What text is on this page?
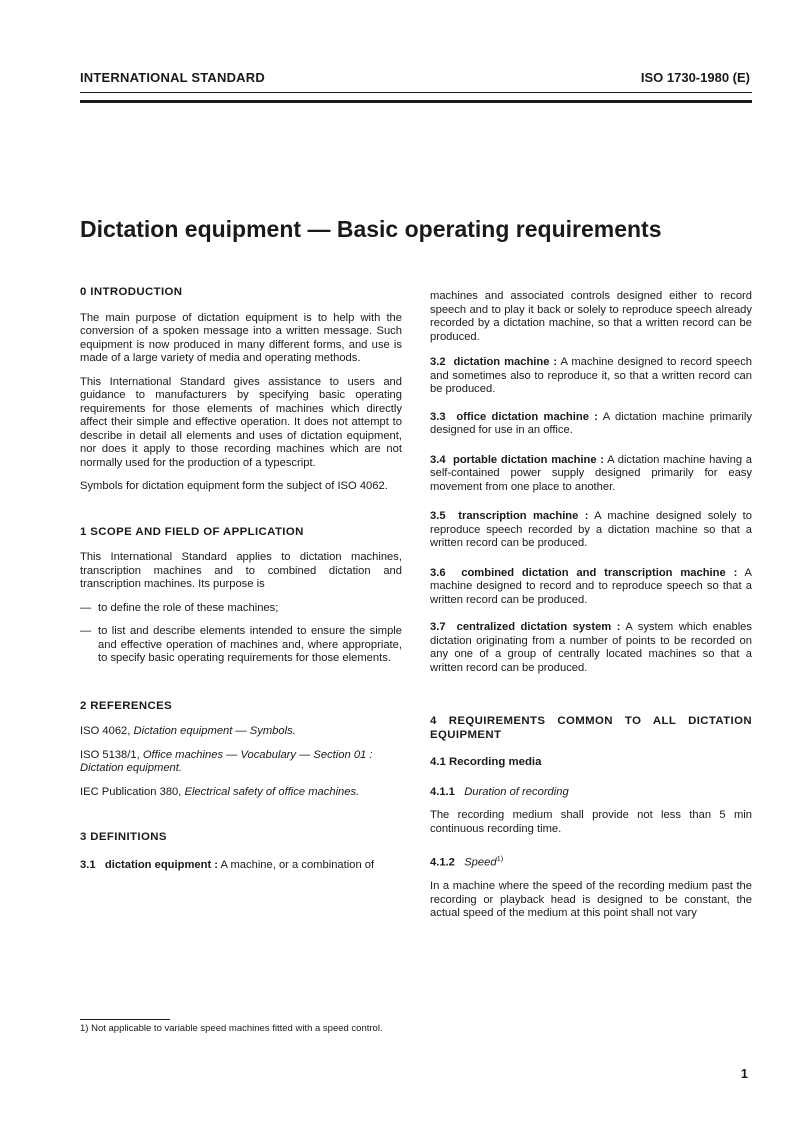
INTERNATIONAL STANDARD	ISO 1730-1980 (E)
Dictation equipment — Basic operating requirements

0 INTRODUCTION

The main purpose of dictation equipment is to help with the conversion of a spoken message into a written message. Such equipment is now produced in many different forms, and use is made of a large variety of media and operating methods.

This International Standard gives assistance to users and guidance to manufacturers by specifying basic operating requirements for those elements of machines which directly affect their simple and effective operation. It does not attempt to describe in detail all elements and uses of dictation equipment, nor does it apply to those recording machines which are not normally used for the production of a typescript.

Symbols for dictation equipment form the subject of ISO 4062.

1 SCOPE AND FIELD OF APPLICATION

This International Standard applies to dictation machines, transcription machines and to combined dictation and transcription machines. Its purpose is

— to define the role of these machines;
— to list and describe elements intended to ensure the simple and effective operation of machines and, where appropriate, to specify basic operating requirements for those elements.

2 REFERENCES

ISO 4062, Dictation equipment — Symbols.

ISO 5138/1, Office machines — Vocabulary — Section 01 : Dictation equipment.

IEC Publication 380, Electrical safety of office machines.

3 DEFINITIONS

3.1 dictation equipment : A machine, or a combination of

machines and associated controls designed either to record speech and to play it back or solely to reproduce speech already recorded by a dictation machine, so that a written record can be produced.

3.2 dictation machine : A machine designed to record speech and sometimes also to reproduce it, so that a written record can be produced.

3.3 office dictation machine : A dictation machine primarily designed for use in an office.

3.4 portable dictation machine : A dictation machine having a self-contained power supply designed primarily for easy movement from one place to another.

3.5 transcription machine : A machine designed solely to reproduce speech recorded by a dictation machine so that a written record can be produced.

3.6 combined dictation and transcription machine : A machine designed to record and to reproduce speech so that a written record can be produced.

3.7 centralized dictation system : A system which enables dictation originating from a number of points to be recorded on any one of a group of centrally located machines so that a written record can be produced.

4 REQUIREMENTS COMMON TO ALL DICTATION EQUIPMENT

4.1 Recording media

4.1.1 Duration of recording

The recording medium shall provide not less than 5 min continuous recording time.

4.1.2 Speed$^{1)}$

In a machine where the speed of the recording medium past the recording or playback head is designed to be constant, the actual speed of the medium at this point shall not vary

1) Not applicable to variable speed machines fitted with a speed control.
1
